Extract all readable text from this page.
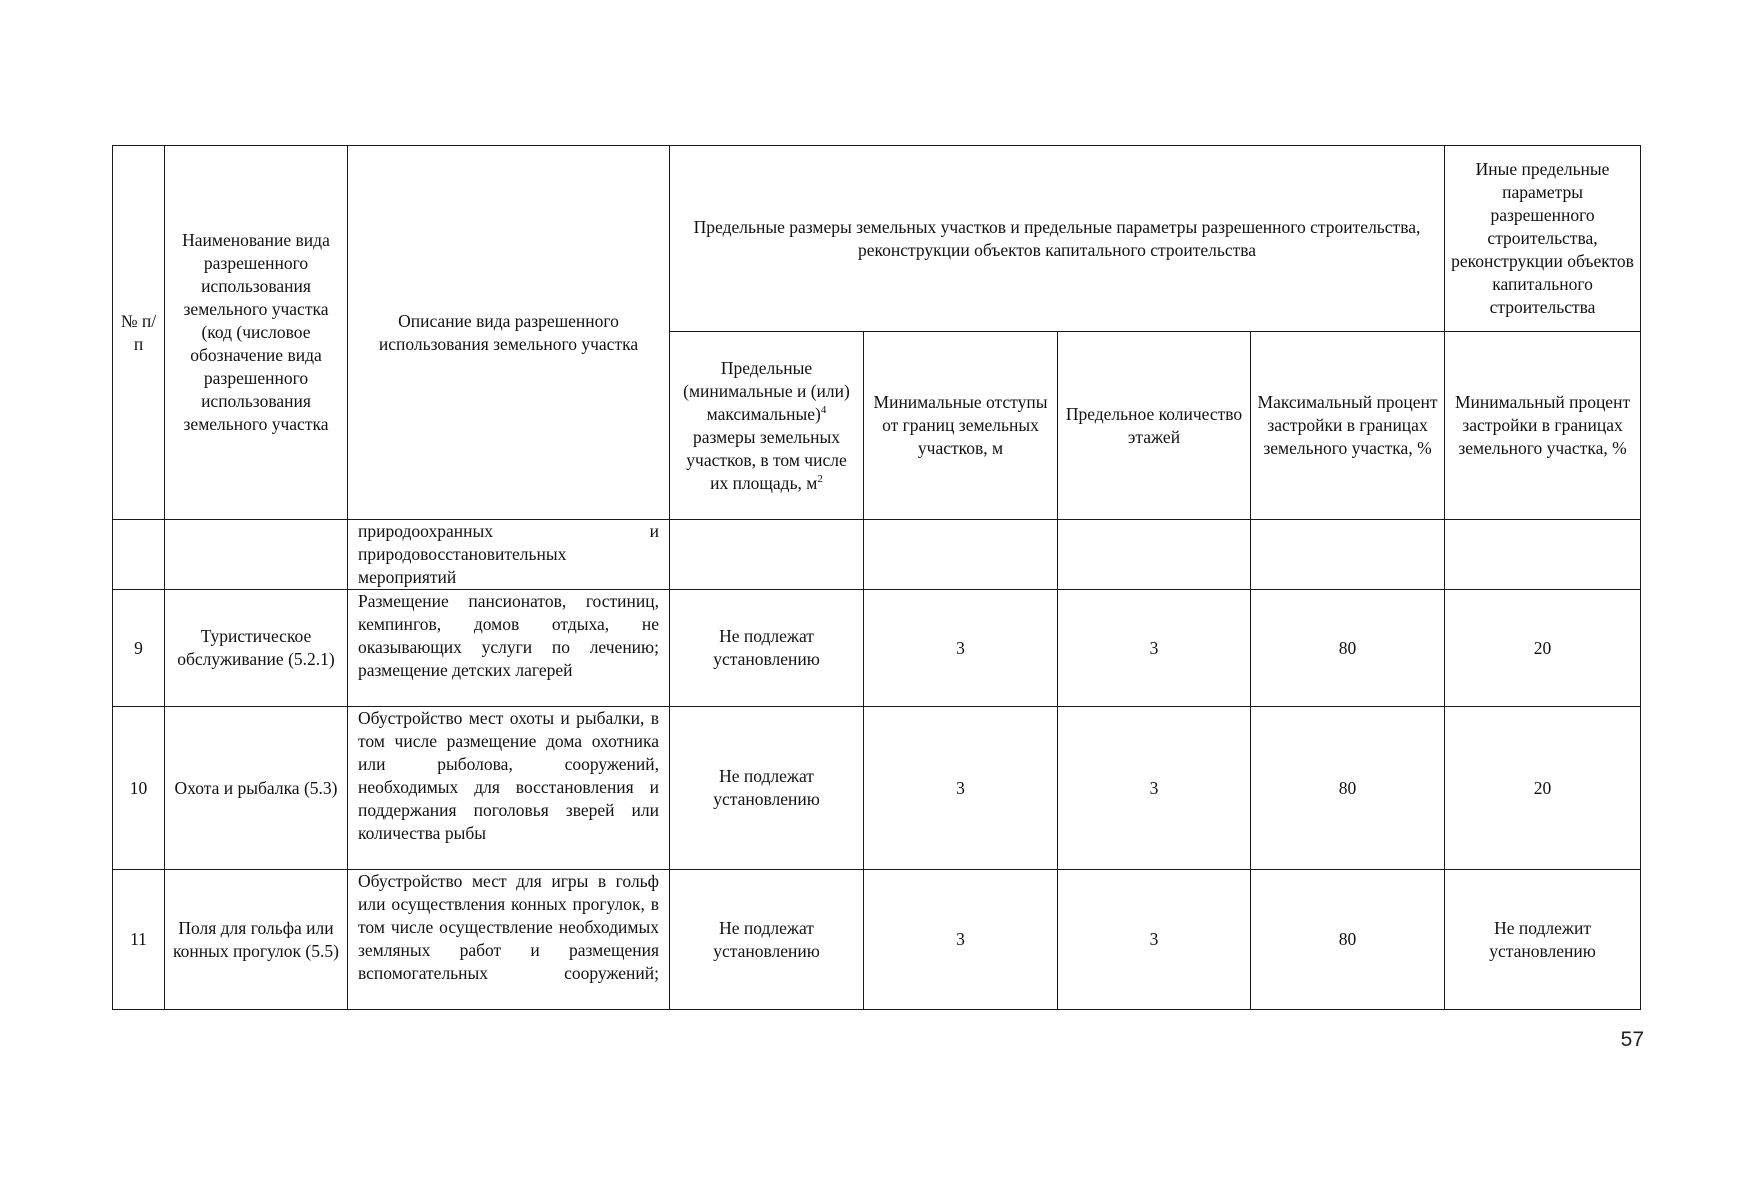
№ п/п	Наименование вида разрешенного использования земельного участка (код (числовое обозначение вида разрешенного использования земельного участка	Описание вида разрешенного использования земельного участка	Предельные размеры земельных участков и предельные параметры разрешенного строительства, реконструкции объектов капитального строительства				Иные предельные параметры разрешенного строительства, реконструкции объектов капитального строительства
			Предельные (минимальные и (или) максимальные)$^4$ размеры земельных участков, в том числе их площадь, $м^2$	Минимальные отступы от границ земельных участков, м	Предельное количество этажей	Максимальный процент застройки в границах земельного участка, %	Минимальный процент застройки в границах земельного участка, %
		природоохранных и природовосстановительных мероприятий					
9	Туристическое обслуживание (5.2.1)	Размещение пансионатов, гостиниц, кемпингов, домов отдыха, не оказывающих услуги по лечению; размещение детских лагерей	Не подлежат установлению	3	3	80	20
10	Охота и рыбалка (5.3)	Обустройство мест охоты и рыбалки, в том числе размещение дома охотника или рыболова, сооружений, необходимых для восстановления и поддержания поголовья зверей или количества рыбы	Не подлежат установлению	3	3	80	20
11	Поля для гольфа или конных прогулок (5.5)	Обустройство мест для игры в гольф или осуществления конных прогулок, в том числе осуществление необходимых земляных работ и размещения вспомогательных сооружений;	Не подлежат установлению	3	3	80	Не подлежит установлению
57
